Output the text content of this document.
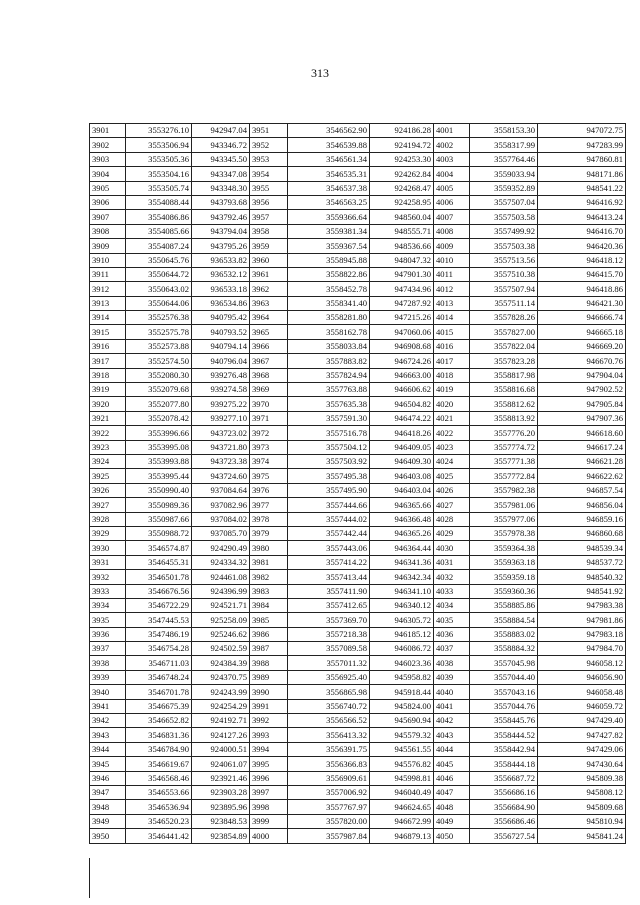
313
3901	3553276.10	942947.04	3951	3546562.90	924186.28	4001	3558153.30	947072.75
3902	3553506.94	943346.72	3952	3546539.88	924194.72	4002	3558317.99	947283.99
3903	3553505.36	943345.50	3953	3546561.34	924253.30	4003	3557764.46	947860.81
3904	3553504.16	943347.08	3954	3546535.31	924262.84	4004	3559033.94	948171.86
3905	3553505.74	943348.30	3955	3546537.38	924268.47	4005	3559352.89	948541.22
3906	3554088.44	943793.68	3956	3546563.25	924258.95	4006	3557507.04	946416.92
3907	3554086.86	943792.46	3957	3559366.64	948560.04	4007	3557503.58	946413.24
3908	3554085.66	943794.04	3958	3559381.34	948555.71	4008	3557499.92	946416.70
3909	3554087.24	943795.26	3959	3559367.54	948536.66	4009	3557503.38	946420.36
3910	3550645.76	936533.82	3960	3558945.88	948047.32	4010	3557513.56	946418.12
3911	3550644.72	936532.12	3961	3558822.86	947901.30	4011	3557510.38	946415.70
3912	3550643.02	936533.18	3962	3558452.78	947434.96	4012	3557507.94	946418.86
3913	3550644.06	936534.86	3963	3558341.40	947287.92	4013	3557511.14	946421.30
3914	3552576.38	940795.42	3964	3558281.80	947215.26	4014	3557828.26	946666.74
3915	3552575.78	940793.52	3965	3558162.78	947060.06	4015	3557827.00	946665.18
3916	3552573.88	940794.14	3966	3558033.84	946908.68	4016	3557822.04	946669.20
3917	3552574.50	940796.04	3967	3557883.82	946724.26	4017	3557823.28	946670.76
3918	3552080.30	939276.48	3968	3557824.94	946663.00	4018	3558817.98	947904.04
3919	3552079.68	939274.58	3969	3557763.88	946606.62	4019	3558816.68	947902.52
3920	3552077.80	939275.22	3970	3557635.38	946504.82	4020	3558812.62	947905.84
3921	3552078.42	939277.10	3971	3557591.30	946474.22	4021	3558813.92	947907.36
3922	3553996.66	943723.02	3972	3557516.78	946418.26	4022	3557776.20	946618.60
3923	3553995.08	943721.80	3973	3557504.12	946409.05	4023	3557774.72	946617.24
3924	3553993.88	943723.38	3974	3557503.92	946409.30	4024	3557771.38	946621.28
3925	3553995.44	943724.60	3975	3557495.38	946403.08	4025	3557772.84	946622.62
3926	3550990.40	937084.64	3976	3557495.90	946403.04	4026	3557982.38	946857.54
3927	3550989.36	937082.96	3977	3557444.66	946365.66	4027	3557981.06	946856.04
3928	3550987.66	937084.02	3978	3557444.02	946366.48	4028	3557977.06	946859.16
3929	3550988.72	937085.70	3979	3557442.44	946365.26	4029	3557978.38	946860.68
3930	3546574.87	924290.49	3980	3557443.06	946364.44	4030	3559364.38	948539.34
3931	3546455.31	924334.32	3981	3557414.22	946341.36	4031	3559363.18	948537.72
3932	3546501.78	924461.08	3982	3557413.44	946342.34	4032	3559359.18	948540.32
3933	3546676.56	924396.99	3983	3557411.90	946341.10	4033	3559360.36	948541.92
3934	3546722.29	924521.71	3984	3557412.65	946340.12	4034	3558885.86	947983.38
3935	3547445.53	925258.09	3985	3557369.70	946305.72	4035	3558884.54	947981.86
3936	3547486.19	925246.62	3986	3557218.38	946185.12	4036	3558883.02	947983.18
3937	3546754.28	924502.59	3987	3557089.58	946086.72	4037	3558884.32	947984.70
3938	3546711.03	924384.39	3988	3557011.32	946023.36	4038	3557045.98	946058.12
3939	3546748.24	924370.75	3989	3556925.40	945958.82	4039	3557044.40	946056.90
3940	3546701.78	924243.99	3990	3556865.98	945918.44	4040	3557043.16	946058.48
3941	3546675.39	924254.29	3991	3556740.72	945824.00	4041	3557044.76	946059.72
3942	3546652.82	924192.71	3992	3556566.52	945690.94	4042	3558445.76	947429.40
3943	3546831.36	924127.26	3993	3556413.32	945579.32	4043	3558444.52	947427.82
3944	3546784.90	924000.51	3994	3556391.75	945561.55	4044	3558442.94	947429.06
3945	3546619.67	924061.07	3995	3556366.83	945576.82	4045	3558444.18	947430.64
3946	3546568.46	923921.46	3996	3556909.61	945998.81	4046	3556687.72	945809.38
3947	3546553.66	923903.28	3997	3557006.92	946040.49	4047	3556686.16	945808.12
3948	3546536.94	923895.96	3998	3557767.97	946624.65	4048	3556684.90	945809.68
3949	3546520.23	923848.53	3999	3557820.00	946672.99	4049	3556686.46	945810.94
3950	3546441.42	923854.89	4000	3557987.84	946879.13	4050	3556727.54	945841.24
